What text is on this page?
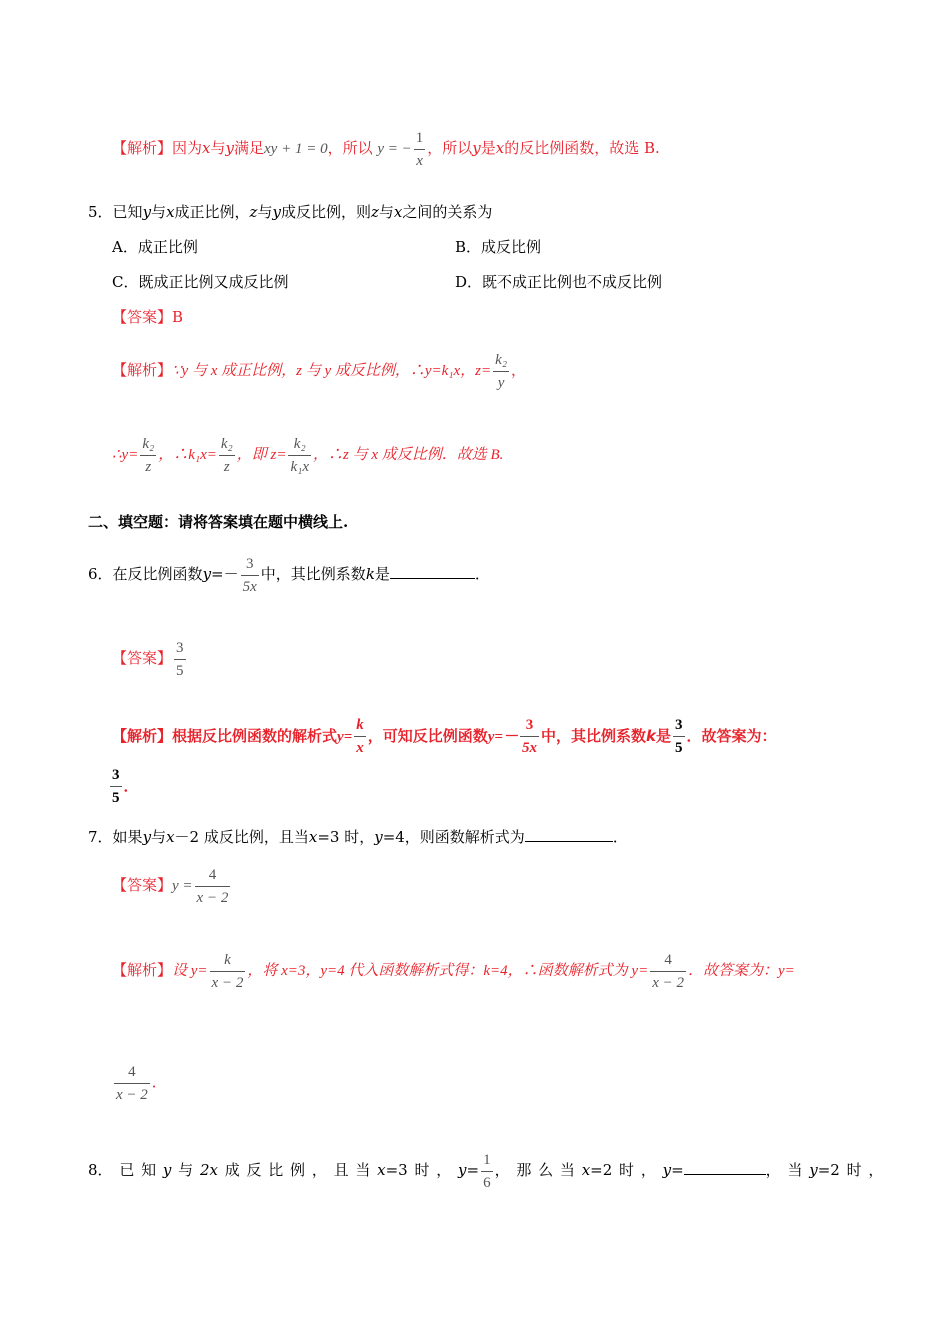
【解析】因为x与y满足xy + 1 = 0，所以 y = − $\frac{1}{x}$ ，所以y是x的反比例函数，故选 B.
5．已知y与x成正比例，z与y成反比例，则z与x之间的关系为
A．成正比例	B．成反比例
C．既成正比例又成反比例	D．既不成正比例也不成反比例
【答案】B
【解析】∵y 与 x 成正比例，z 与 y 成反比例，∴y=k₁x，$z= \frac{\text{k₂}}{y}$ ，
∴y= $\frac{\text{k₂}}{z}$ ，∴k₁x= $\frac{\text{k₂}}{z}$ ，即 $z= \frac{\text{k₂}}{\text{k₁x}}$ ，∴z 与 x 成反比例．故选 B.
二、填空题：请将答案填在题中横线上.
6．在反比例函数$y=- \frac{3}{5x}$ 中，其比例系数k是	．
【答案】 $\frac{3}{5}$
【解析】根据反比例函数的解析式$y= \frac{k}{x}$ ，可知反比例函数$y=- \frac{3}{5x}$ 中，其比例系数k是 $\frac{3}{5}$ ．故答案为：
$\frac{3}{5}$ ．
7．如果y与x－2 成反比例，且当x=3 时，y=4，则函数解析式为	．
【答案】$y = \frac{4}{x - 2}$
【解析】设 $y= \frac{k}{x - 2}$ ，将 x=3，y=4 代入函数解析式得：k=4，∴函数解析式为 $y= \frac{4}{x - 2}$ ．故答案为：y=
$\frac{4}{x - 2}$ ．
8． 已 知 y 与 2x 成 反 比 例 ， 且 当 x=3 时 ， $y= \frac{1}{6}$ ， 那 么 当 x=2 时 ， y=	， 当 y=2 时 ，
